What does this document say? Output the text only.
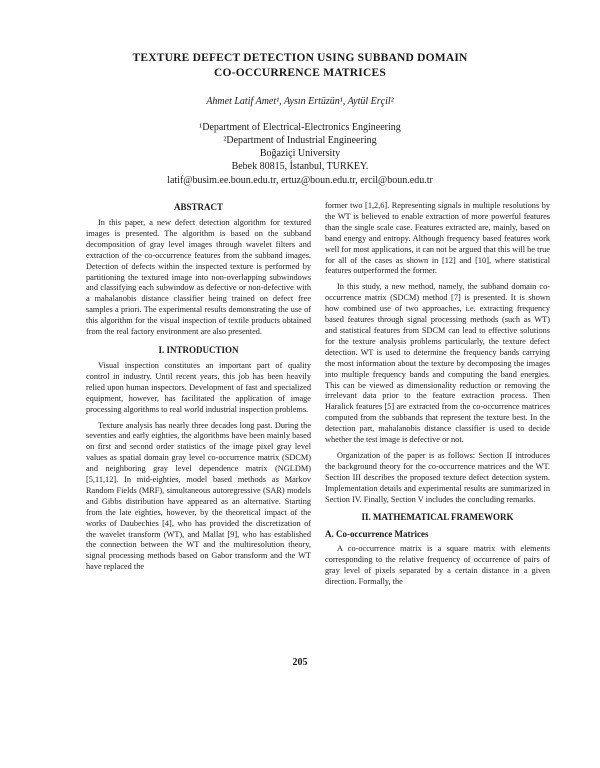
TEXTURE DEFECT DETECTION USING SUBBAND DOMAIN
CO-OCCURRENCE MATRICES
Ahmet Latif Amet¹, Aysın Ertüzün¹, Aytül Erçil²
¹Department of Electrical-Electronics Engineering
²Department of Industrial Engineering
Boğaziçi University
Bebek 80815, İstanbul, TURKEY.
latif@busim.ee.boun.edu.tr, ertuz@boun.edu.tr, ercil@boun.edu.tr
ABSTRACT

In this paper, a new defect detection algorithm for textured images is presented. The algorithm is based on the subband decomposition of gray level images through wavelet filters and extraction of the co-occurrence features from the subband images. Detection of defects within the inspected texture is performed by partitioning the textured image into non-overlapping subwindows and classifying each subwindow as defective or non-defective with a mahalanobis distance classifier being trained on defect free samples a priori. The experimental results demonstrating the use of this algorithm for the visual inspection of textile products obtained from the real factory environment are also presented.

I. INTRODUCTION

Visual inspection constitutes an important part of quality control in industry. Until recent years, this job has been heavily relied upon human inspectors. Development of fast and specialized equipment, however, has facilitated the application of image processing algorithms to real world industrial inspection problems.

Texture analysis has nearly three decades long past. During the seventies and early eighties, the algorithms have been mainly based on first and second order statistics of the image pixel gray level values as spatial domain gray level co-occurrence matrix (SDCM) and neighboring gray level dependence matrix (NGLDM) [5,11,12]. In mid-eighties, model based methods as Markov Random Fields (MRF), simultaneous autoregressive (SAR) models and Gibbs distribution have appeared as an alternative. Starting from the late eighties, however, by the theoretical impact of the works of Daubechies [4], who has provided the discretization of the wavelet transform (WT), and Mallat [9], who has established the connection between the WT and the multiresolution theory, signal processing methods based on Gabor transform and the WT have replaced the

former two [1,2,6]. Representing signals in multiple resolutions by the WT is believed to enable extraction of more powerful features than the single scale case. Features extracted are, mainly, based on band energy and entropy. Although frequency based features work well for most applications, it can not be argued that this will be true for all of the cases as shown in [12] and [10], where statistical features outperformed the former.

In this study, a new method, namely, the subband domain co-occurrence matrix (SDCM) method [7] is presented. It is shown how combined use of two approaches, i.e. extracting frequency based features through signal processing methods (such as WT) and statistical features from SDCM can lead to effective solutions for the texture analysis problems particularly, the texture defect detection. WT is used to determine the frequency bands carrying the most information about the texture by decomposing the images into multiple frequency bands and computing the band energies. This can be viewed as dimensionality reduction or removing the irrelevant data prior to the feature extraction process. Then Haralick features [5] are extracted from the co-occurrence matrices computed from the subbands that represent the texture best. In the detection part, mahalanobis distance classifier is used to decide whether the test image is defective or not.

Organization of the paper is as follows: Section II introduces the background theory for the co-occurrence matrices and the WT. Section III describes the proposed texture defect detection system. Implementation details and experimental results are summarized in Section IV. Finally, Section V includes the concluding remarks.

II. MATHEMATICAL FRAMEWORK
A. Co-occurrence Matrices

A co-occurrence matrix is a square matrix with elements corresponding to the relative frequency of occurrence of pairs of gray level of pixels separated by a certain distance in a given direction. Formally, the

205
